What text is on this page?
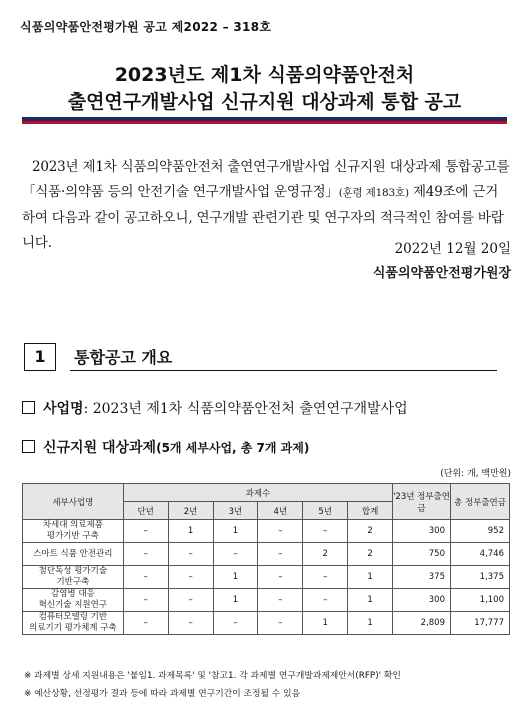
식품의약품안전평가원 공고 제2022 – 318호
2023년도 제1차 식품의약품안전처
출연연구개발사업 신규지원 대상과제 통합 공고
2023년 제1차 식품의약품안전처 출연연구개발사업 신규지원 대상과제 통합공고를 「식품·의약품 등의 안전기술 연구개발사업 운영규정」(훈령 제183호) 제49조에 근거하여 다음과 같이 공고하오니, 연구개발 관련기관 및 연구자의 적극적인 참여를 바랍니다.	2022년 12월 20일
식품의약품안전평가원장
1	통합공고 개요
사업명: 2023년 제1차 식품의약품안전처 출연연구개발사업
신규지원 대상과제(5개 세부사업, 총 7개 과제)
(단위: 개, 백만원)
세부사업명	과제수						'23년 정부출연금	총 정부출연금
	단년	2년	3년	4년	5년	합계		

차세대 의료제품
평가기반 구축	–	1	1	–	–	2	300	952

스마트 식품 안전관리	–	–	–	–	2	2	750	4,746

첨단독성 평가기술
기반구축	–	–	1	–	–	1	375	1,375

감염병 대응
혁신기술 지원연구	–	–	1	–	–	1	300	1,100

컴퓨터모델링 기반
의료기기 평가체계 구축	–	–	–	–	1	1	2,809	17,777
※ 과제별 상세 지원내용은 '붙임1. 과제목록' 및 '참고1. 각 과제별 연구개발과제제안서(RFP)' 확인
※ 예산상황, 선정평가 결과 등에 따라 과제별 연구기간이 조정될 수 있음
